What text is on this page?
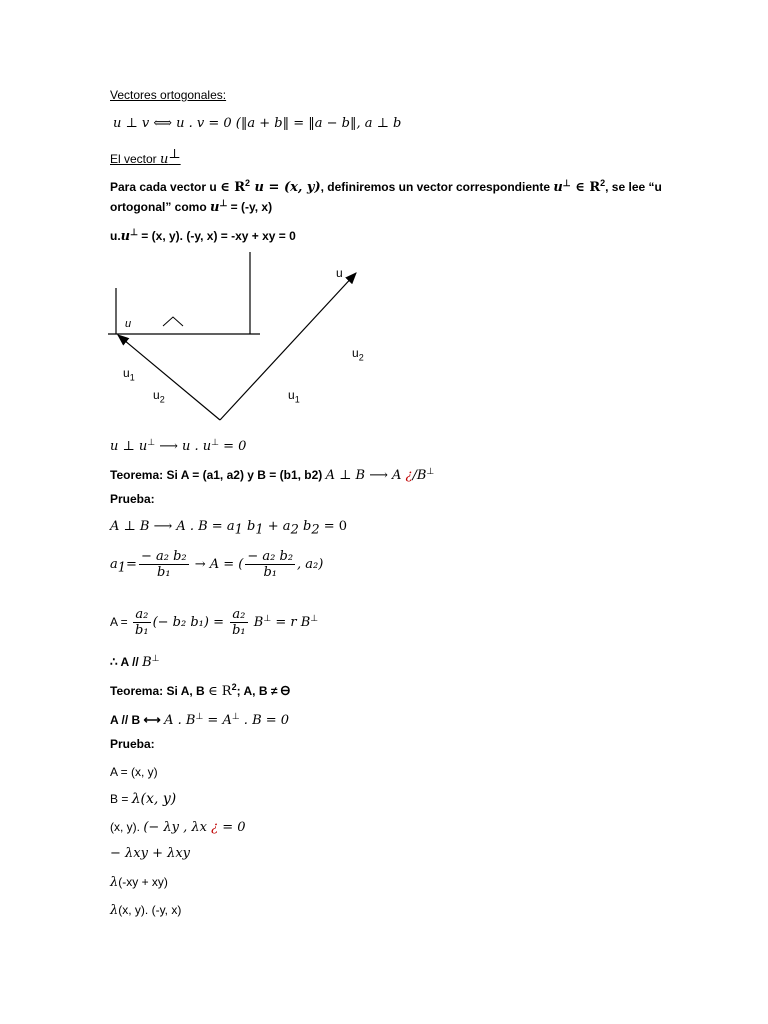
Vectores ortogonales:
u ⊥ v ⟺ u . v = 0 (‖a + b‖ = ‖a − b‖, a ⊥ b
El vector u⊥
Para cada vector u ∈ $R^2$ u = (x, y), definiremos un vector correspondiente u⊥ ∈ $R^2$, se lee “u
ortogonal” como u⊥ = (-y, x)
u.u⊥ = (x, y). (-y, x) = -xy + xy = 0
u
u
$u_1$
$u_2$	$u_1$
$u_2$
u ⊥ u⊥ ⟶ u . u⊥ = 0
Teorema: Si A = (a1, a2) y B = (b1, b2) A ⊥ B ⟶ A ¿/B⊥
Prueba:
A ⊥ B ⟶ A . $B = a_1$ $b_1 + a_2$ $b_2 = 0$
$a_1= \frac{\text{− a₂ b₂}}{\text{b₁}} \to A$ = ( $\frac{\text{− a₂ b₂}}{\text{b₁}}$ , a₂)
$A = \frac{\text{a₂}}{\text{b₁}}$ (− b₂ $b_1) = \frac{\text{a₂}}{\text{b₁}} B^\perp = r$ B⊥
∴ A // B⊥
Teorema: Si A, B ∈ $R^2$; A, B ≠ Ꮎ
A // B ⟷ A . B⊥ = A⊥ . B = 0
Prueba:
A = (x, y)
B = λ(x, y)
(x, y). (− λy , λx ¿ = 0
− λxy + λxy
λ(-xy + xy)
λ(x, y). (-y, x)
